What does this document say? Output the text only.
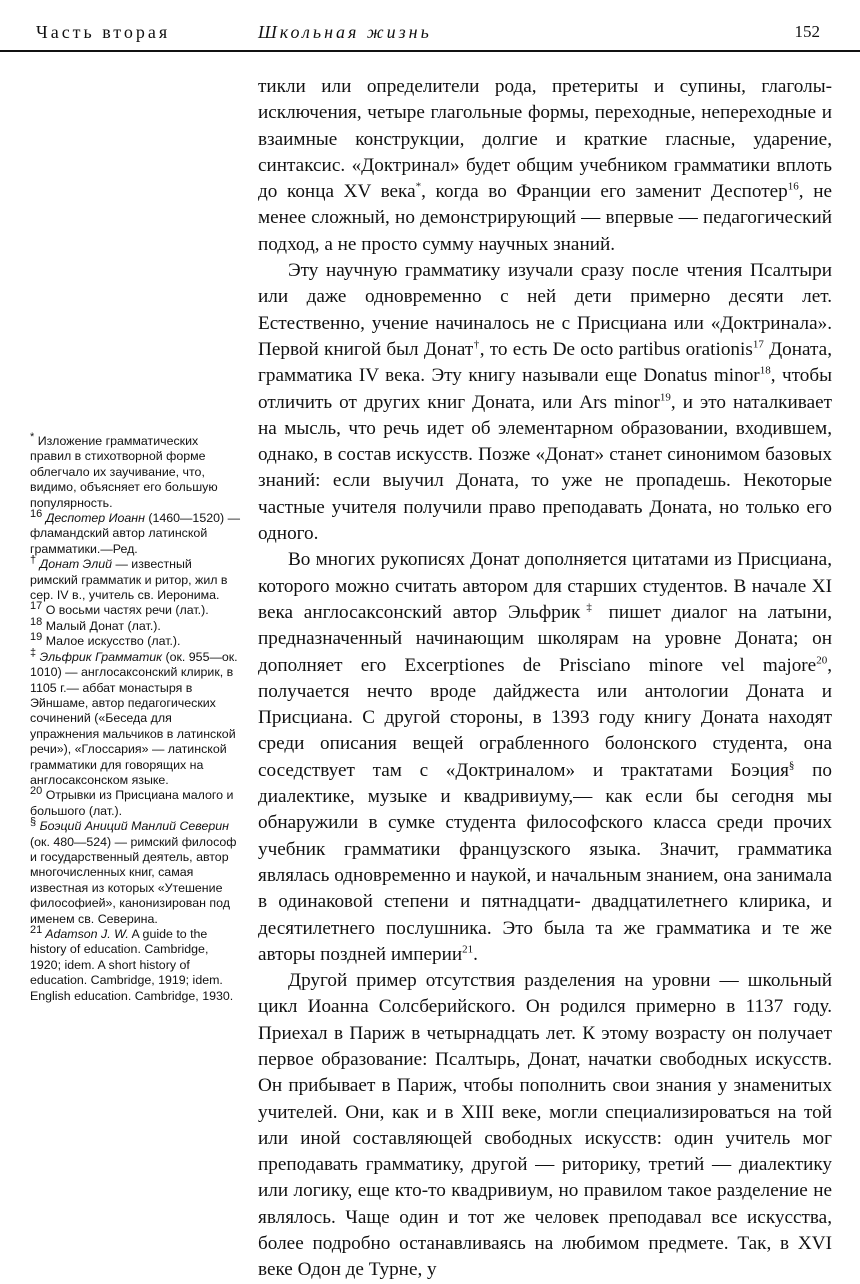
Часть вторая	Школьная жизнь	152

* Изложение грамматических правил в стихотворной форме облегчало их заучивание, что, видимо, объясняет его большую популярность.

$^{16}$ Деспотер Иоанн (1460—1520) — фламандский автор латинской грамматики.—Ред.

† Донат Элий — известный римский грамматик и ритор, жил в сер. IV в., учитель св. Иеронима.

$^{17}$ О восьми частях речи (лат.).

$^{18}$ Малый Донат (лат.).

$^{19}$ Малое искусство (лат.).

‡ Эльфрик Грамматик (ок. 955—ок. 1010) — англосаксонский клирик, в 1105 г.— аббат монастыря в Эйншаме, автор педагогических сочинений («Беседа для упражнения мальчиков в латинской речи»), «Глоссария» — латинской грамматики для говорящих на англосаксонском языке.

$^{20}$ Отрывки из Присциана малого и большого (лат.).

§ Боэций Аниций Манлий Северин (ок. 480—524) — римский философ и государственный деятель, автор многочисленных книг, самая известная из которых «Утешение философией», канонизирован под именем св. Северина.

$^{21}$ Adamson J. W. A guide to the history of education. Cambridge, 1920; idem. A short history of education. Cambridge, 1919; idem. English education. Cambridge, 1930.

тикли или определители рода, претериты и супины, глаголы-исключения, четыре глагольные формы, переходные, непереходные и взаимные конструкции, долгие и краткие гласные, ударение, синтаксис. «Доктринал» будет общим учебником грамматики вплоть до конца XV века*, когда во Франции его заменит Деспотер$^{16}$, не менее сложный, но демонстрирующий — впервые — педагогический подход, а не просто сумму научных знаний.

Эту научную грамматику изучали сразу после чтения Псалтыри или даже одновременно с ней дети примерно десяти лет. Естественно, учение начиналось не с Присциана или «Доктринала». Первой книгой был Донат†, то есть De octo partibus orationis$^{17}$ Доната, грамматика IV века. Эту книгу называли еще Donatus minor$^{18}$, чтобы отличить от других книг Доната, или Ars minor$^{19}$, и это наталкивает на мысль, что речь идет об элементарном образовании, входившем, однако, в состав искусств. Позже «Донат» станет синонимом базовых знаний: если выучил Доната, то уже не пропадешь. Некоторые частные учителя получили право преподавать Доната, но только его одного.

Во многих рукописях Донат дополняется цитатами из Присциана, которого можно считать автором для старших студентов. В начале XI века англосаксонский автор Эльфрик‡ пишет диалог на латыни, предназначенный начинающим школярам на уровне Доната; он дополняет его Excerptiones de Prisciano minore vel majore$^{20}$, получается нечто вроде дайджеста или антологии Доната и Присциана. С другой стороны, в 1393 году книгу Доната находят среди описания вещей ограбленного болонского студента, она соседствует там с «Доктриналом» и трактатами Боэция§ по диалектике, музыке и квадривиуму,— как если бы сегодня мы обнаружили в сумке студента философского класса среди прочих учебник грамматики французского языка. Значит, грамматика являлась одновременно и наукой, и начальным знанием, она занимала в одинаковой степени и пятнадцати- двадцатилетнего клирика, и десятилетнего послушника. Это была та же грамматика и те же авторы поздней империи$^{21}$.

Другой пример отсутствия разделения на уровни — школьный цикл Иоанна Солсберийского. Он родился примерно в 1137 году. Приехал в Париж в четырнадцать лет. К этому возрасту он получает первое образование: Псалтырь, Донат, начатки свободных искусств. Он прибывает в Париж, чтобы пополнить свои знания у знаменитых учителей. Они, как и в XIII веке, могли специализироваться на той или иной составляющей свободных искусств: один учитель мог преподавать грамматику, другой — риторику, третий — диалектику или логику, еще кто-то квадривиум, но правилом такое разделение не являлось. Чаще один и тот же человек преподавал все искусства, более подробно останавливаясь на любимом предмете. Так, в XVI веке Одон де Турне, у
